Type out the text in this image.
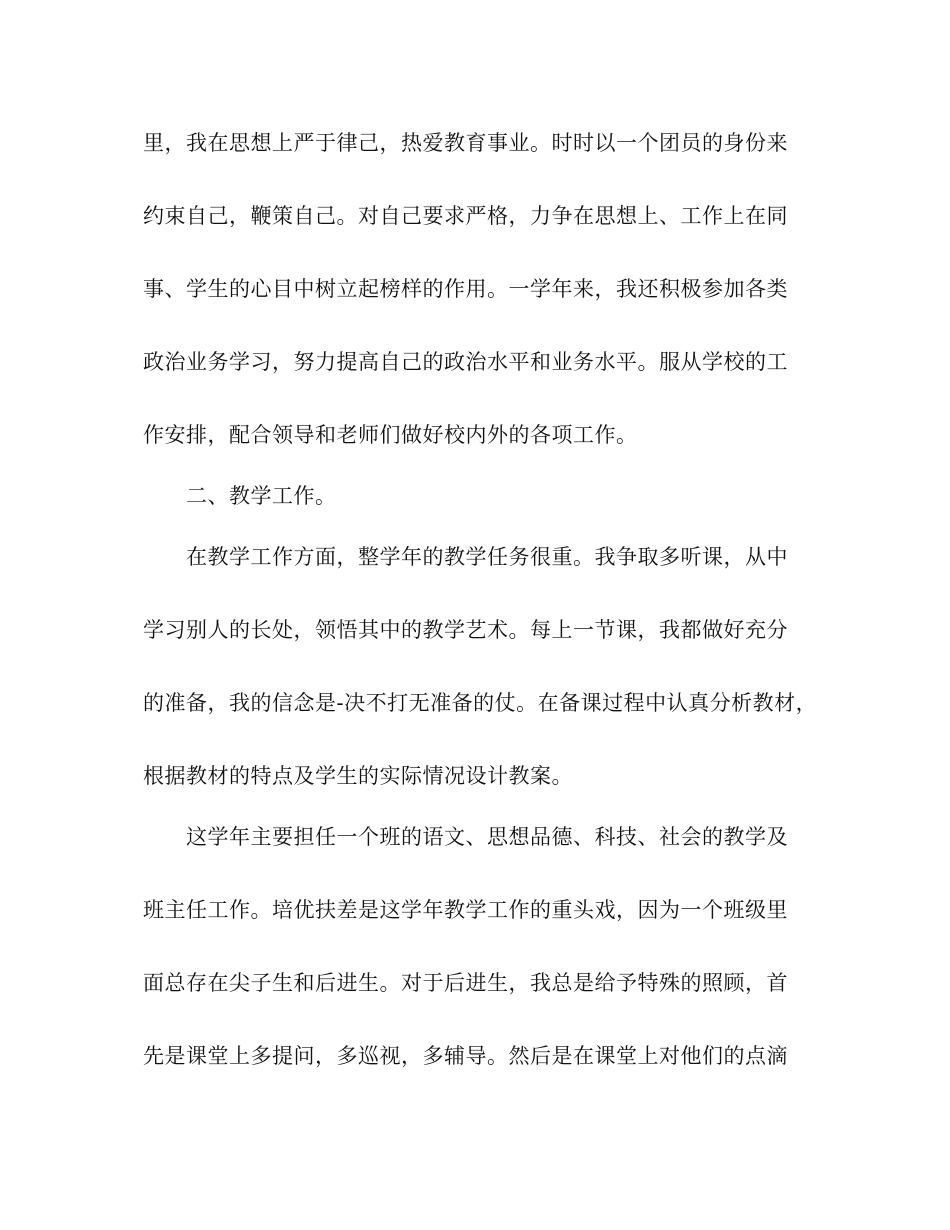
里，我在思想上严于律己，热爱教育事业。时时以一个团员的身份来
约束自己，鞭策自己。对自己要求严格，力争在思想上、工作上在同
事、学生的心目中树立起榜样的作用。一学年来，我还积极参加各类
政治业务学习，努力提高自己的政治水平和业务水平。服从学校的工
作安排，配合领导和老师们做好校内外的各项工作。
二、教学工作。
在教学工作方面，整学年的教学任务很重。我争取多听课，从中
学习别人的长处，领悟其中的教学艺术。每上一节课，我都做好充分
的准备，我的信念是-决不打无准备的仗。在备课过程中认真分析教材，
根据教材的特点及学生的实际情况设计教案。
这学年主要担任一个班的语文、思想品德、科技、社会的教学及
班主任工作。培优扶差是这学年教学工作的重头戏，因为一个班级里
面总存在尖子生和后进生。对于后进生，我总是给予特殊的照顾，首
先是课堂上多提问，多巡视，多辅导。然后是在课堂上对他们的点滴
